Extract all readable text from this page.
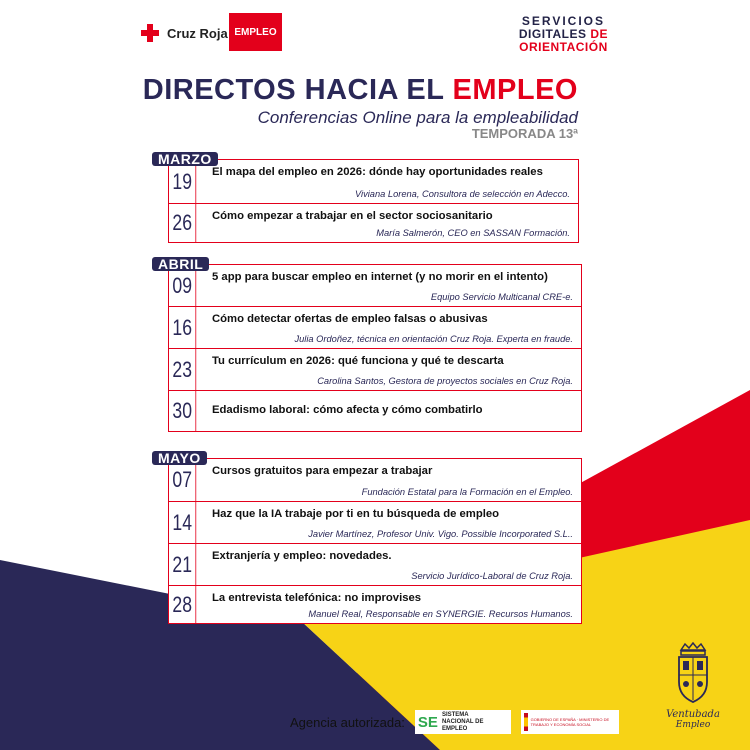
Cruz Roja EMPLEO
SERVICIOS
DIGITALES DE
ORIENTACIÓN
DIRECTOS HACIA EL EMPLEO
Conferencias Online para la empleabilidad
TEMPORADA 13ª
MARZO
19 El mapa del empleo en 2026: dónde hay oportunidades reales
Viviana Lorena, Consultora de selección en Adecco.
26 Cómo empezar a trabajar en el sector sociosanitario
María Salmerón, CEO en SASSAN Formación.
ABRIL
09 5 app para buscar empleo en internet (y no morir en el intento)
Equipo Servicio Multicanal CRE-e.
16 Cómo detectar ofertas de empleo falsas o abusivas
Julia Ordoñez, técnica en orientación Cruz Roja. Experta en fraude.
23 Tu currículum en 2026: qué funciona y qué te descarta
Carolina Santos, Gestora de proyectos sociales en Cruz Roja.
30 Edadismo laboral: cómo afecta y cómo combatirlo
MAYO
07 Cursos gratuitos para empezar a trabajar
Fundación Estatal para la Formación en el Empleo.
14 Haz que la IA trabaje por ti en tu búsqueda de empleo
Javier Martínez, Profesor Univ. Vigo. Possible Incorporated S.L..
21 Extranjería y empleo: novedades.
Servicio Jurídico-Laboral de Cruz Roja.
28 La entrevista telefónica: no improvises
Manuel Real, Responsable en SYNERGIE. Recursos Humanos.
Agencia autorizada: SE SISTEMA
NACIONAL DE EMPLEO
GOBIERNO DE ESPAÑA · MINISTERIO DE TRABAJO Y ECONOMÍA SOCIAL
Ventubada
Empleo
